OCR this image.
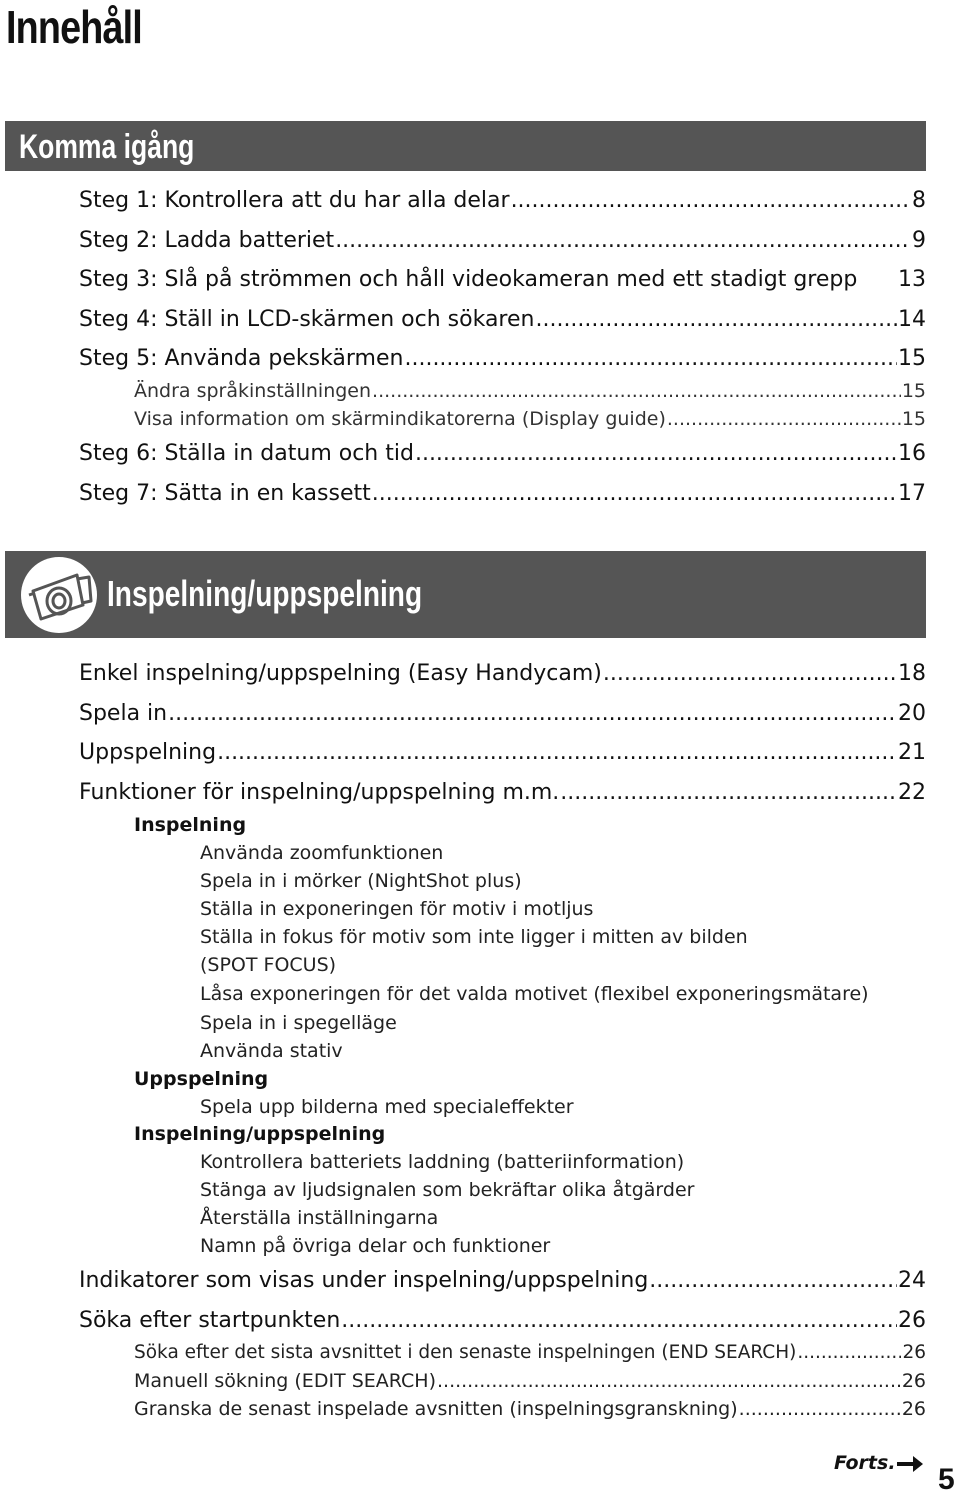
Innehåll
Komma igång
Steg 1: Kontrollera att du har alla delar .....	8
Steg 2: Ladda batteriet .....	9
Steg 3: Slå på strömmen och håll videokameran med ett stadigt grepp 13
Steg 4: Ställ in LCD-skärmen och sökaren .....	14
Steg 5: Använda pekskärmen .....	15
Ändra språkinställningen .....	15
Visa information om skärmindikatorerna (Display guide) .....	15
Steg 6: Ställa in datum och tid .....	16
Steg 7: Sätta in en kassett .....	17
Inspelning/uppspelning
Enkel inspelning/uppspelning (Easy Handycam) .....	18
Spela in .....	20
Uppspelning .....	21
Funktioner för inspelning/uppspelning m.m. .....	22
Inspelning
Använda zoomfunktionen
Spela in i mörker (NightShot plus)
Ställa in exponeringen för motiv i motljus
Ställa in fokus för motiv som inte ligger i mitten av bilden
(SPOT FOCUS)
Låsa exponeringen för det valda motivet (flexibel exponeringsmätare)
Spela in i spegelläge
Använda stativ
Uppspelning
Spela upp bilderna med specialeffekter
Inspelning/uppspelning
Kontrollera batteriets laddning (batteriinformation)
Stänga av ljudsignalen som bekräftar olika åtgärder
Återställa inställningarna
Namn på övriga delar och funktioner
Indikatorer som visas under inspelning/uppspelning .....	24
Söka efter startpunkten .....	26
Söka efter det sista avsnittet i den senaste inspelningen (END SEARCH) .....	26
Manuell sökning (EDIT SEARCH) .....	26
Granska de senast inspelade avsnitten (inspelningsgranskning) .....	26
Forts. 5
